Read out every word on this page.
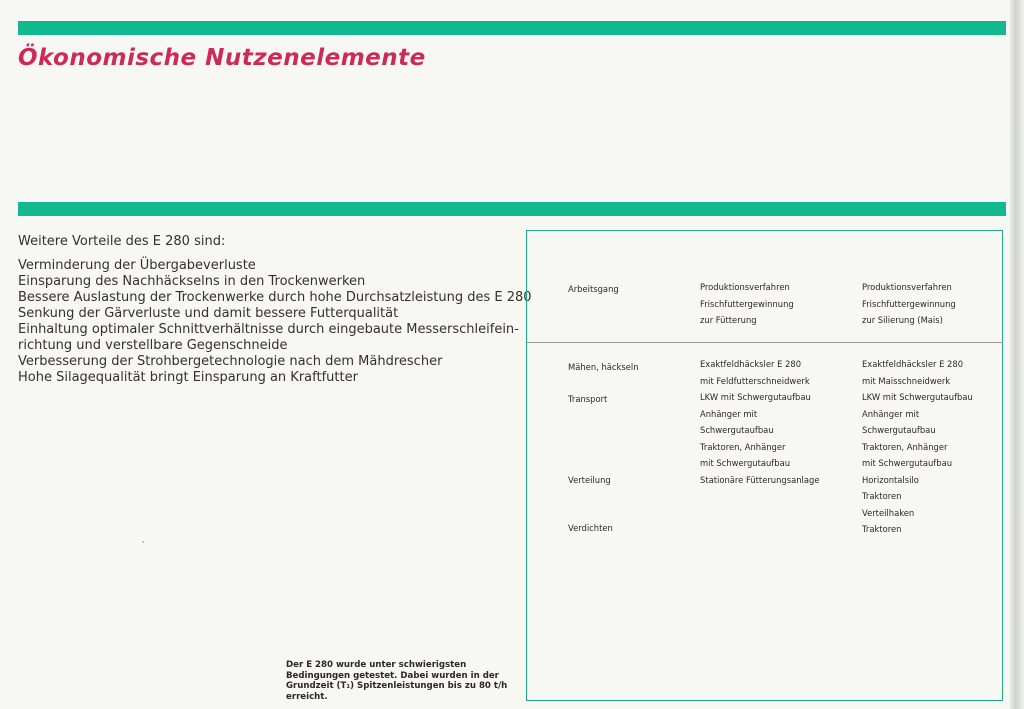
Ökonomische Nutzenelemente
Weitere Vorteile des E 280 sind:
Verminderung der Übergabeverluste
Einsparung des Nachhäckselns in den Trockenwerken
Bessere Auslastung der Trockenwerke durch hohe Durchsatzleistung des E 280
Senkung der Gärverluste und damit bessere Futterqualität
Einhaltung optimaler Schnittverhältnisse durch eingebaute Messerschleifein-
richtung und verstellbare Gegenschneide
Verbesserung der Strohbergetechnologie nach dem Mähdrescher
Hohe Silagequalität bringt Einsparung an Kraftfutter
Der E 280 wurde unter schwierigsten Bedingungen getestet. Dabei wurden in der Grundzeit (T₁) Spitzenleistungen bis zu 80 t/h erreicht.
Arbeitsgang	Produktionsverfahren
Frischfuttergewinnung
zur Fütterung
Produktionsverfahren
Frischfuttergewinnung
zur Silierung (Mais)
Mähen, häckseln
Transport
Verteilung
Verdichten
Exaktfeldhäcksler E 280
mit Feldfutterschneidwerk
LKW mit Schwergutaufbau
Anhänger mit
Schwergutaufbau
Traktoren, Anhänger
mit Schwergutaufbau
Stationäre Fütterungsanlage
Exaktfeldhäcksler E 280
mit Maisschneidwerk
LKW mit Schwergutaufbau
Anhänger mit
Schwergutaufbau
Traktoren, Anhänger
mit Schwergutaufbau
Horizontalsilo
Traktoren
Verteilhaken
Traktoren
